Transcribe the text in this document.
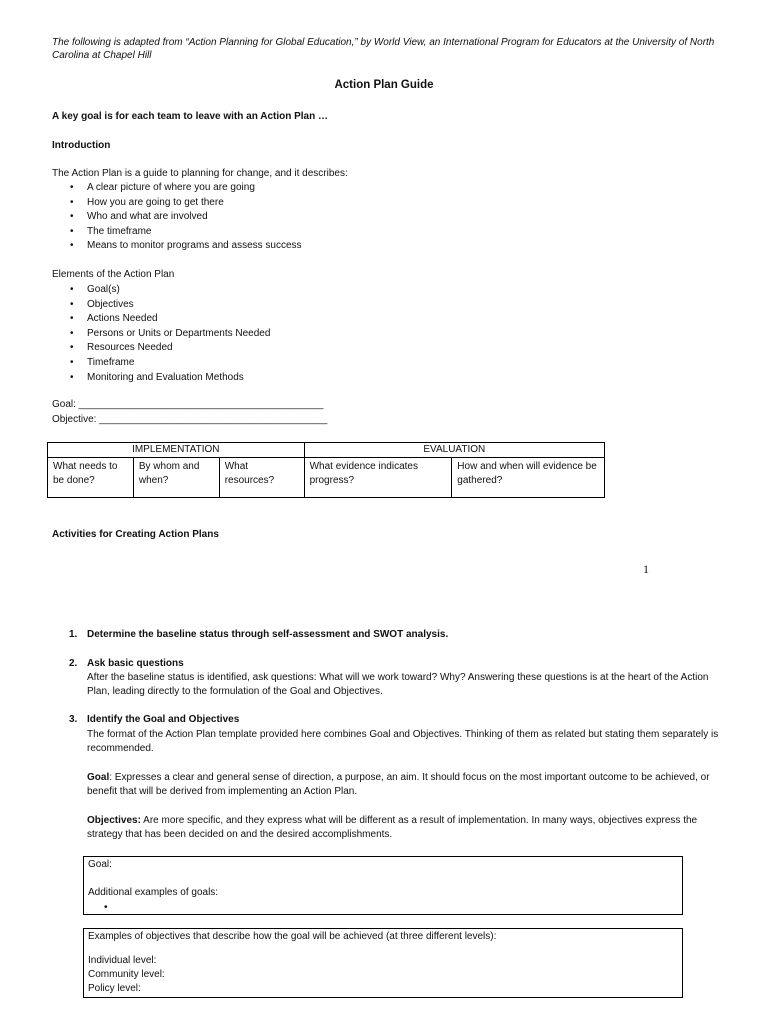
The following is adapted from “Action Planning for Global Education,” by World View, an International Program for Educators at the University of North Carolina at Chapel Hill
Action Plan Guide
A key goal is for each team to leave with an Action Plan …
Introduction
The Action Plan is a guide to planning for change, and it describes:
• A clear picture of where you are going
• How you are going to get there
• Who and what are involved
• The timeframe
• Means to monitor programs and assess success
Elements of the Action Plan
• Goal(s)
• Objectives
• Actions Needed
• Persons or Units or Departments Needed
• Resources Needed
• Timeframe
• Monitoring and Evaluation Methods
Goal: ____________________________________________
Objective: _________________________________________
IMPLEMENTATION			EVALUATION	
What needs to be done?	By whom and when?	What resources?	What evidence indicates progress?	How and when will evidence be gathered?
Activities for Creating Action Plans
1
1. Determine the baseline status through self-assessment and SWOT analysis.
2. Ask basic questions
After the baseline status is identified, ask questions: What will we work toward? Why? Answering these questions is at the heart of the Action Plan, leading directly to the formulation of the Goal and Objectives.
3. Identify the Goal and Objectives
The format of the Action Plan template provided here combines Goal and Objectives. Thinking of them as related but stating them separately is recommended.
Goal: Expresses a clear and general sense of direction, a purpose, an aim. It should focus on the most important outcome to be achieved, or benefit that will be derived from implementing an Action Plan.
Objectives: Are more specific, and they express what will be different as a result of implementation. In many ways, objectives express the strategy that has been decided on and the desired accomplishments.
Goal:
Additional examples of goals:
•
Examples of objectives that describe how the goal will be achieved (at three different levels):
Individual level:
Community level:
Policy level:
